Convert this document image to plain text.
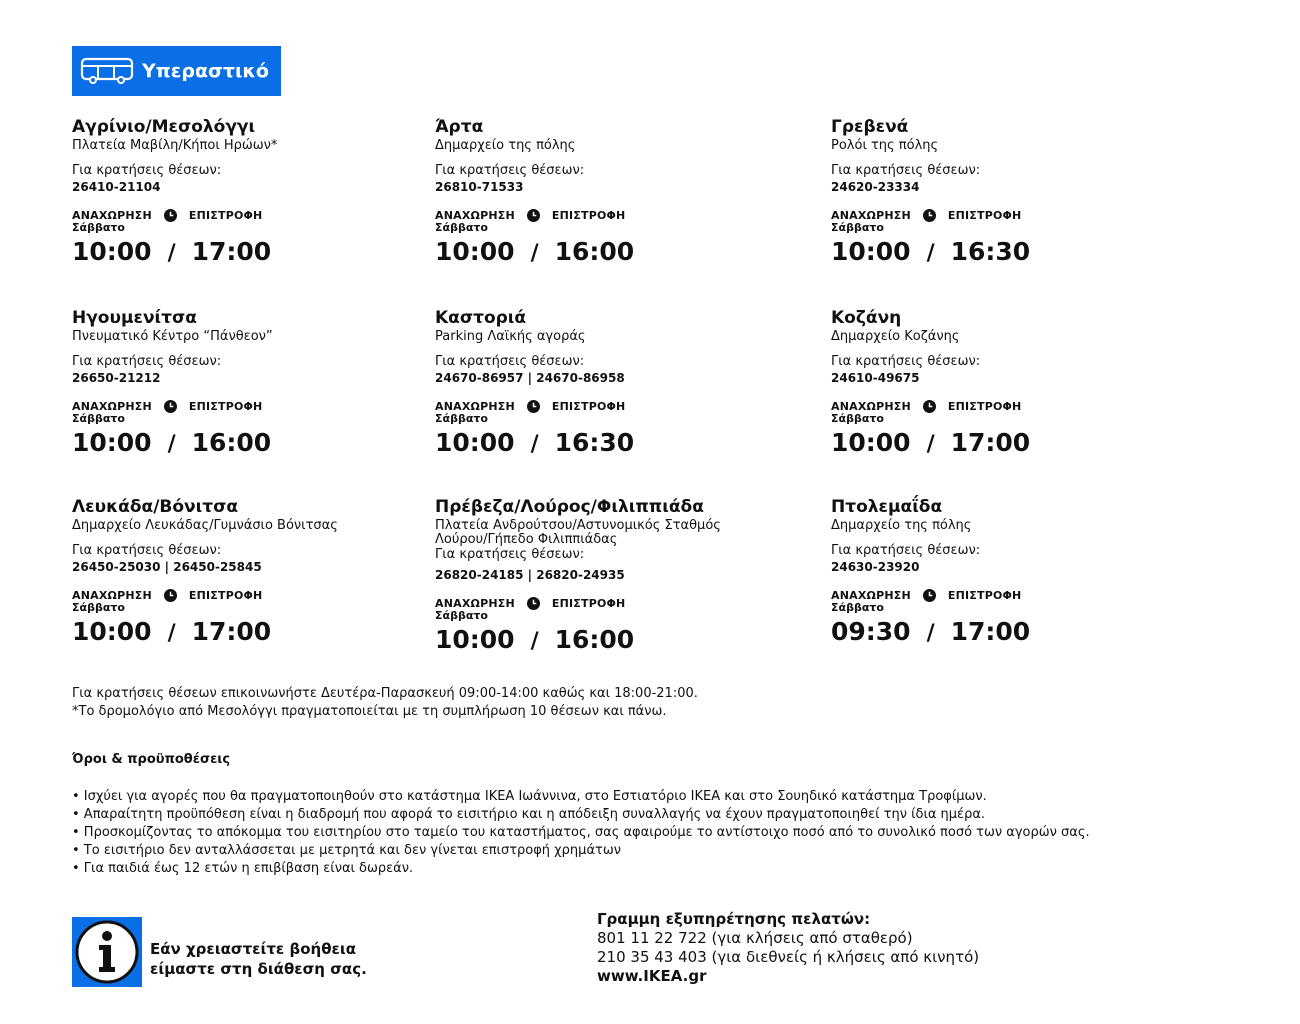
Υπεραστικό
Αγρίνιο/Μεσολόγγι
Πλατεία Μαβίλη/Κήποι Ηρώων*
Για κρατήσεις θέσεων:
26410-21104
ΑΝΑΧΩΡΗΣΗ	ΕΠΙΣΤΡΟΦΗ
Σάββατο
10:00 / 17:00
Άρτα
Δημαρχείο της πόλης
Για κρατήσεις θέσεων:
26810-71533
ΑΝΑΧΩΡΗΣΗ	ΕΠΙΣΤΡΟΦΗ
Σάββατο
10:00 / 16:00
Γρεβενά
Ρολόι της πόλης
Για κρατήσεις θέσεων:
24620-23334
ΑΝΑΧΩΡΗΣΗ	ΕΠΙΣΤΡΟΦΗ
Σάββατο
10:00 / 16:30
Ηγουμενίτσα
Πνευματικό Κέντρο “Πάνθεον”
Για κρατήσεις θέσεων:
26650-21212
ΑΝΑΧΩΡΗΣΗ	ΕΠΙΣΤΡΟΦΗ
Σάββατο
10:00 / 16:00
Καστοριά
Parking Λαϊκής αγοράς
Για κρατήσεις θέσεων:
24670-86957 | 24670-86958
ΑΝΑΧΩΡΗΣΗ	ΕΠΙΣΤΡΟΦΗ
Σάββατο
10:00 / 16:30
Κοζάνη
Δημαρχείο Κοζάνης
Για κρατήσεις θέσεων:
24610-49675
ΑΝΑΧΩΡΗΣΗ	ΕΠΙΣΤΡΟΦΗ
Σάββατο
10:00 / 17:00
Λευκάδα/Βόνιτσα
Δημαρχείο Λευκάδας/Γυμνάσιο Βόνιτσας
Για κρατήσεις θέσεων:
26450-25030 | 26450-25845
ΑΝΑΧΩΡΗΣΗ	ΕΠΙΣΤΡΟΦΗ
Σάββατο
10:00 / 17:00
Πρέβεζα/Λούρος/Φιλιππιάδα
Πλατεία Ανδρούτσου/Αστυνομικός Σταθμός Λούρου/Γήπεδο Φιλιππιάδας
Για κρατήσεις θέσεων:
26820-24185 | 26820-24935
ΑΝΑΧΩΡΗΣΗ	ΕΠΙΣΤΡΟΦΗ
Σάββατο
10:00 / 16:00
Πτολεμαΐδα
Δημαρχείο της πόλης
Για κρατήσεις θέσεων:
24630-23920
ΑΝΑΧΩΡΗΣΗ	ΕΠΙΣΤΡΟΦΗ
Σάββατο
09:30 / 17:00
Για κρατήσεις θέσεων επικοινωνήστε Δευτέρα-Παρασκευή 09:00-14:00 καθώς και 18:00-21:00.
*Το δρομολόγιο από Μεσολόγγι πραγματοποιείται με τη συμπλήρωση 10 θέσεων και πάνω.
Όροι & προϋποθέσεις
• Ισχύει για αγορές που θα πραγματοποιηθούν στο κατάστημα IKEA Ιωάννινα, στο Εστιατόριο IKEA και στο Σουηδικό κατάστημα Τροφίμων.
• Απαραίτητη προϋπόθεση είναι η διαδρομή που αφορά το εισιτήριο και η απόδειξη συναλλαγής να έχουν πραγματοποιηθεί την ίδια ημέρα.
• Προσκομίζοντας το απόκομμα του εισιτηρίου στο ταμείο του καταστήματος, σας αφαιρούμε το αντίστοιχο ποσό από το συνολικό ποσό των αγορών σας.
• Το εισιτήριο δεν ανταλλάσσεται με μετρητά και δεν γίνεται επιστροφή χρημάτων
• Για παιδιά έως 12 ετών η επιβίβαση είναι δωρεάν.
Εάν χρειαστείτε βοήθεια
είμαστε στη διάθεση σας.
Γραμμη εξυπηρέτησης πελατών:
801 11 22 722 (για κλήσεις από σταθερό)
210 35 43 403 (για διεθνείς ή κλήσεις από κινητό)
www.IKEA.gr
